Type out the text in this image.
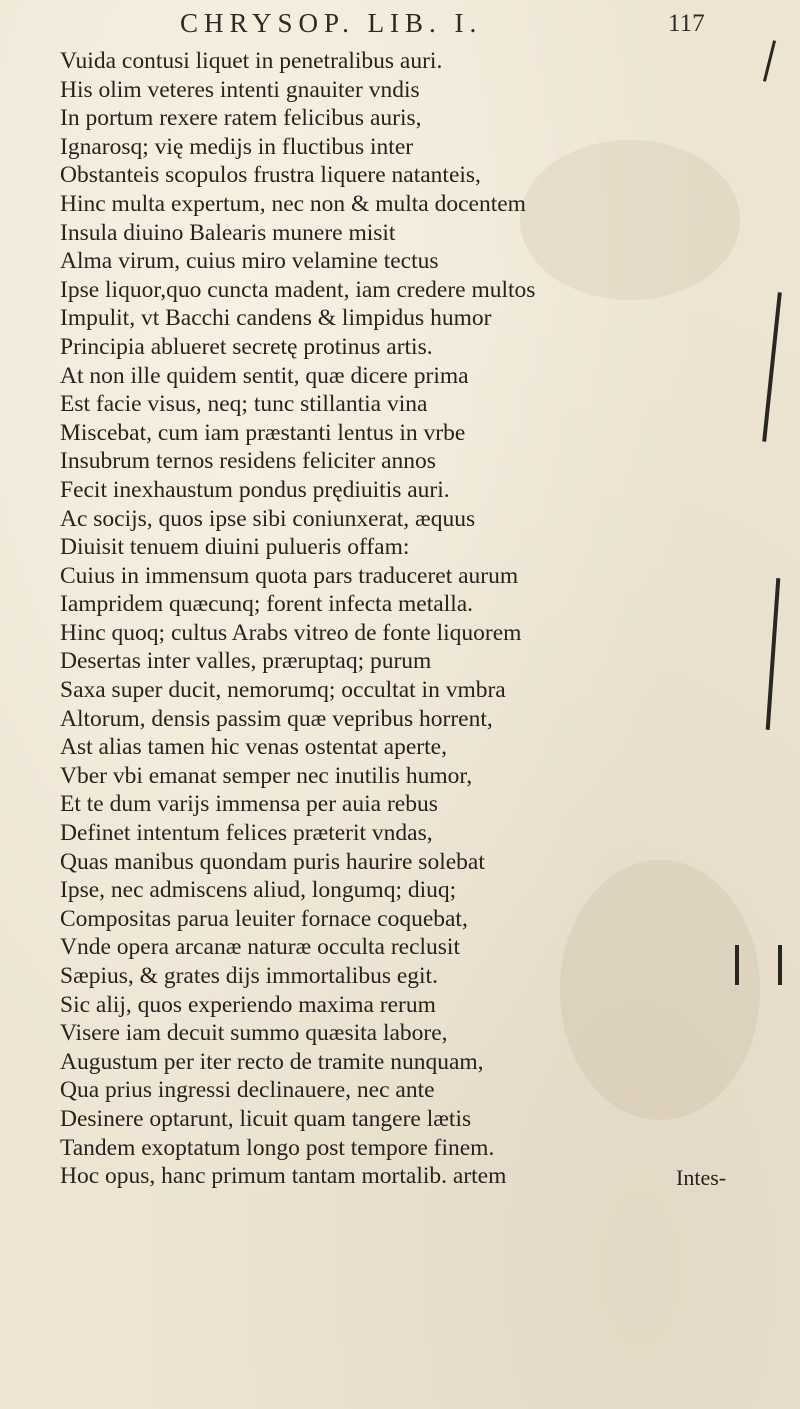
CHRYSOP. LIB. I.	117
Vuida contusi liquet in penetralibus auri.
His olim veteres intenti gnauiter vndis
In portum rexere ratem felicibus auris,
Ignarosq; vię medijs in fluctibus inter
Obstanteis scopulos frustra liquere natanteis,
Hinc multa expertum, nec non & multa docentem
Insula diuino Balearis munere misit
Alma virum, cuius miro velamine tectus
Ipse liquor,quo cuncta madent, iam credere multos
Impulit, vt Bacchi candens & limpidus humor
Principia ablueret secretę protinus artis.
At non ille quidem sentit, quæ dicere prima
Est facie visus, neq; tunc stillantia vina
Miscebat, cum iam præstanti lentus in vrbe
Insubrum ternos residens feliciter annos
Fecit inexhaustum pondus prędiuitis auri.
Ac socijs, quos ipse sibi coniunxerat, æquus
Diuisit tenuem diuini pulueris offam:
Cuius in immensum quota pars traduceret aurum
Iampridem quæcunq; forent infecta metalla.
Hinc quoq; cultus Arabs vitreo de fonte liquorem
Desertas inter valles, præruptaq; purum
Saxa super ducit, nemorumq; occultat in vmbra
Altorum, densis passim quæ vepribus horrent,
Ast alias tamen hic venas ostentat aperte,
Vber vbi emanat semper nec inutilis humor,
Et te dum varijs immensa per auia rebus
Definet intentum felices præterit vndas,
Quas manibus quondam puris haurire solebat
Ipse, nec admiscens aliud, longumq; diuq;
Compositas parua leuiter fornace coquebat,
Vnde opera arcanæ naturæ occulta reclusit
Sæpius, & grates dijs immortalibus egit.
Sic alij, quos experiendo maxima rerum
Visere iam decuit summo quæsita labore,
Augustum per iter recto de tramite nunquam,
Qua prius ingressi declinauere, nec ante
Desinere optarunt, licuit quam tangere lætis
Tandem exoptatum longo post tempore finem.
Hoc opus, hanc primum tantam mortalib. artem	Intes-
